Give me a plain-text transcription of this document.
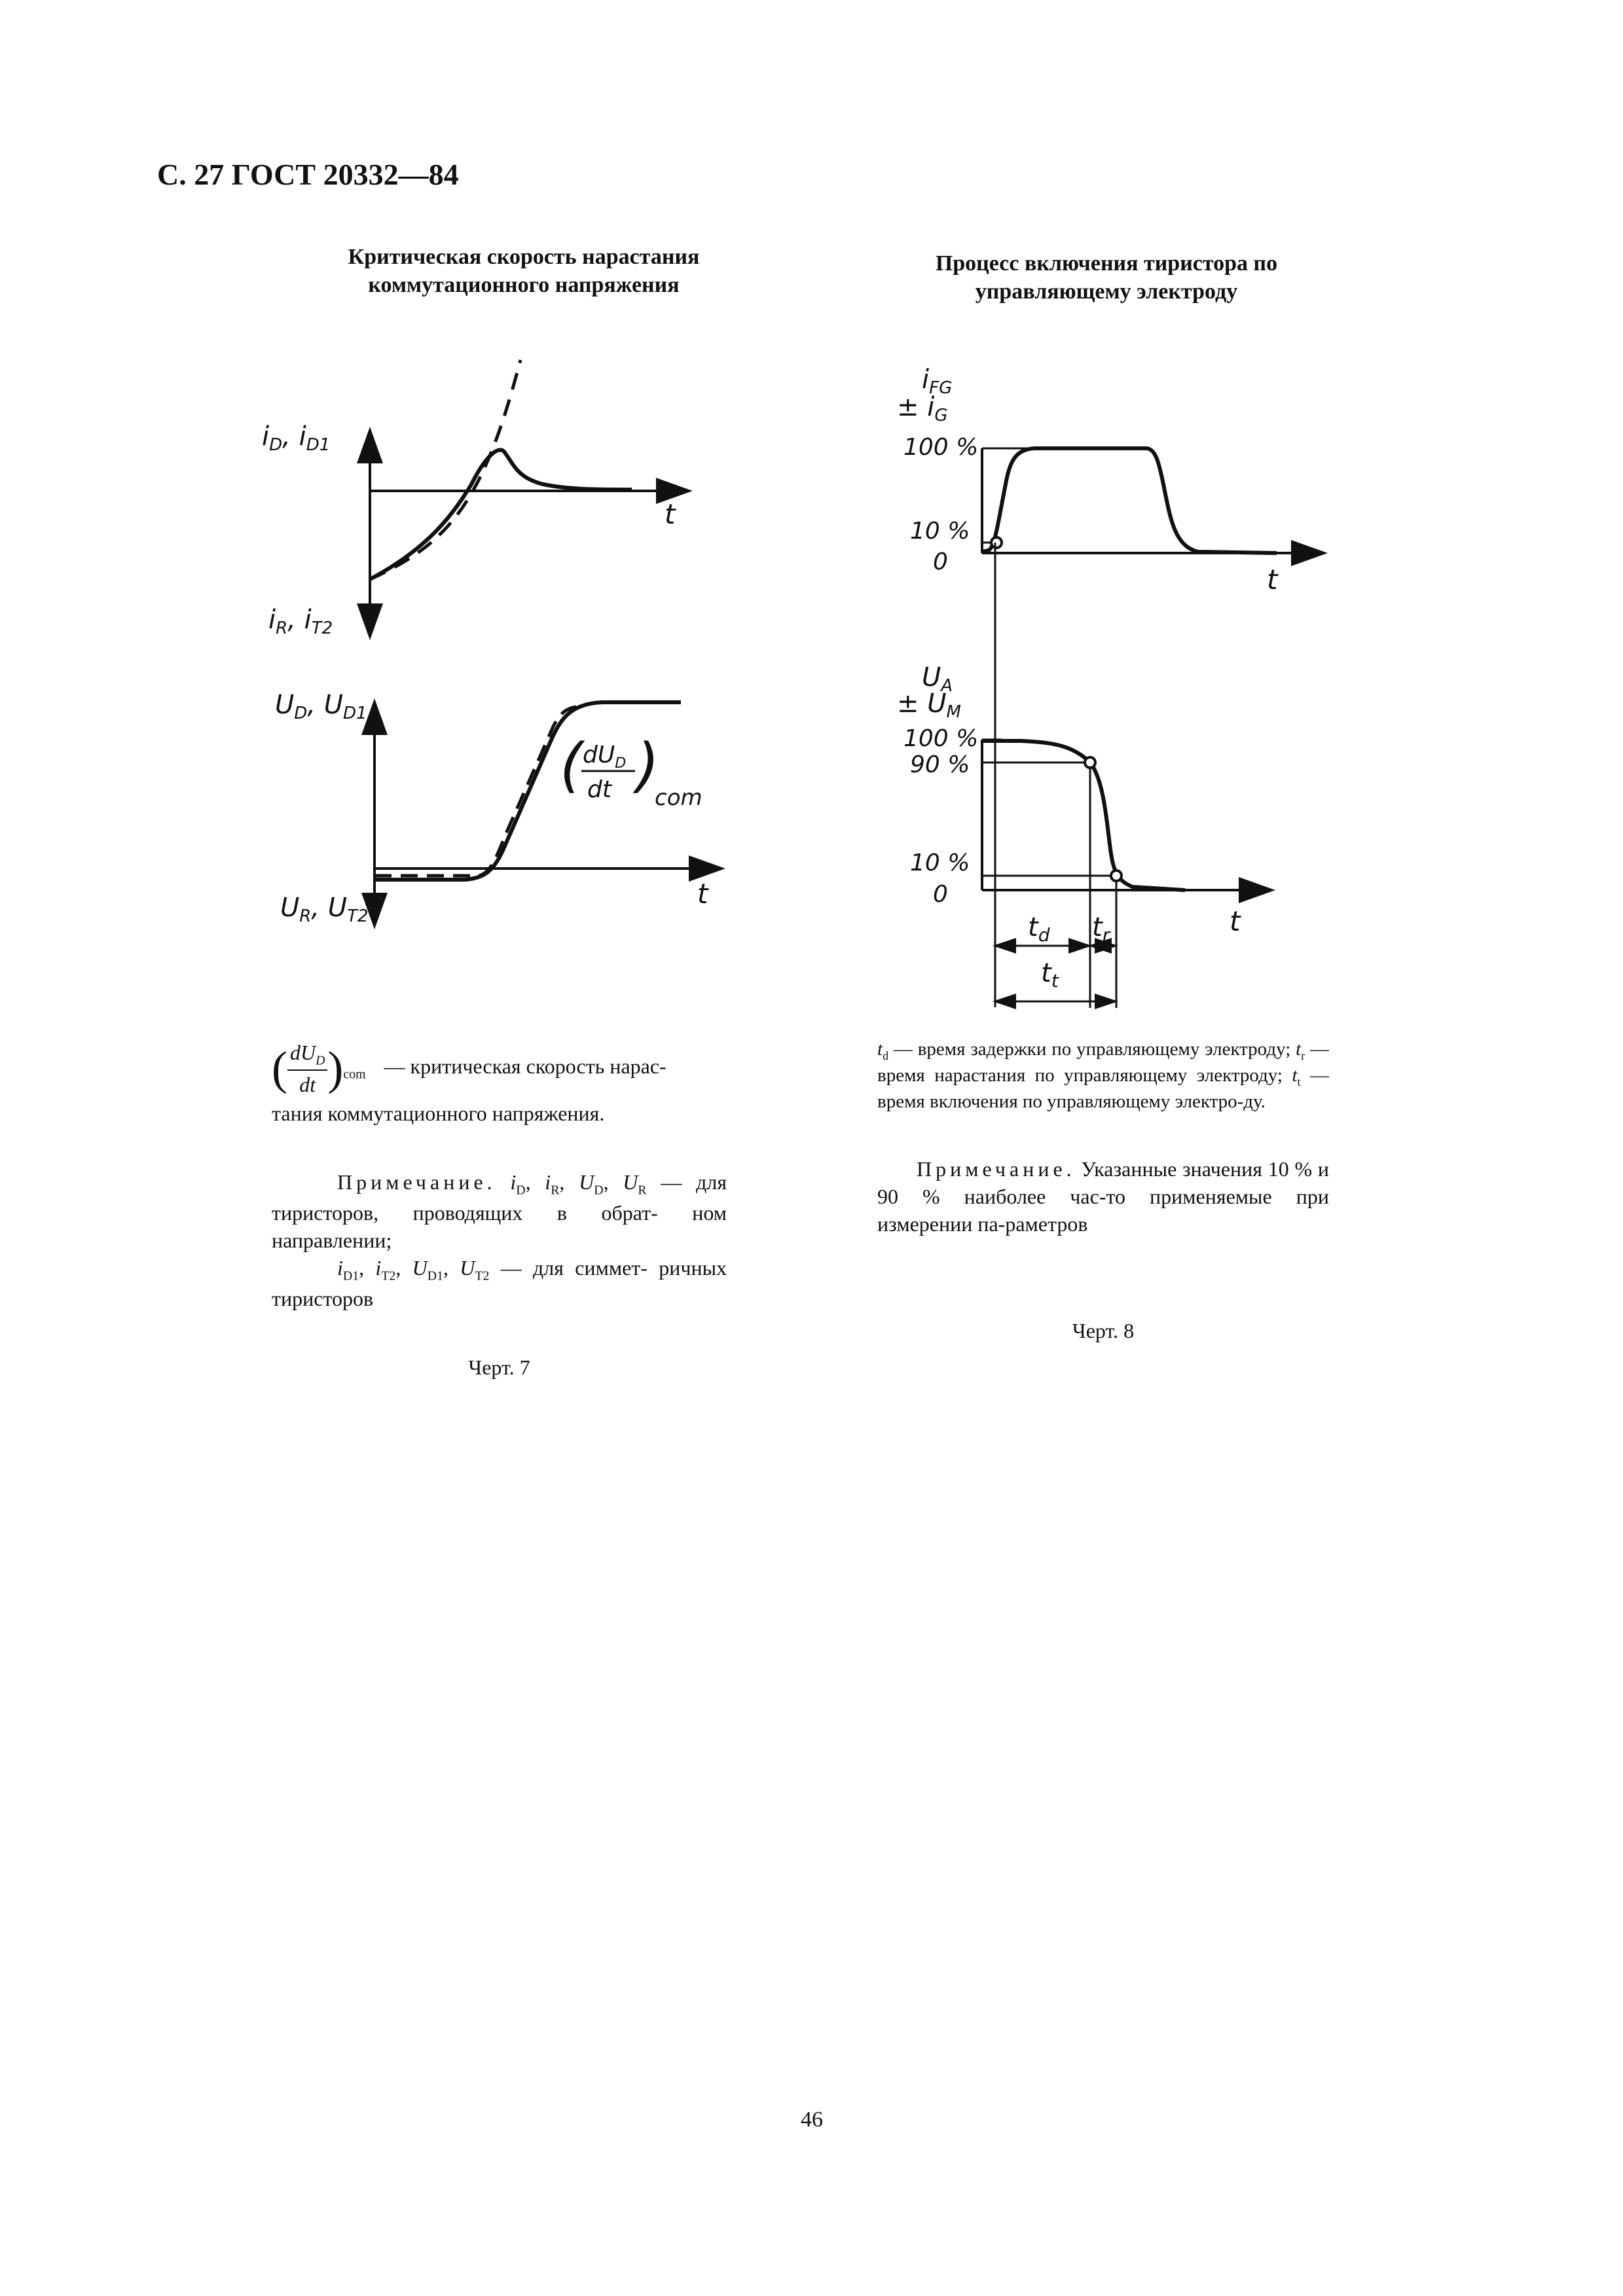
С. 27 ГОСТ 20332—84
Критическая скорость нарастания
коммутационного напряжения
Процесс включения тиристора по
управляющему электроду
$i_D$, $i_{D1}$
$i_R$, $i_{T2}$
t
$U_D$, $U_{D1}$
$U_R$, $U_{T2}$
t
( $dU_D$
dt )
com
$i_{FG}$
± $i_G$
100 %
10 %
0
t
$t_d$ $t_r$
$t_t$
$U_A$
± $U_M$
100 %
90 %
10 %
0
t
( $\frac{dU_D}{dt} )_{com}$ — критическая скорость нарас-
тания коммутационного напряжения.
Примечание. $i_D$, $i_R$, $U_D$, $U_R$ — для тиристоров, проводящих в обрат- ном направлении;
$i_{D1}$, $i_{T2}$, $U_{D1}$, $U_{T2}$ — для симмет- ричных тиристоров
Черт. 7
$t_d$ — время задержки по управляющему электроду; $t_r$ — время нарастания по управляющему электроду; $t_t$ — время включения по управляющему электро-ду.
Примечание. Указанные значения 10 % и 90 % наиболее час-то применяемые при измерении па-раметров
Черт. 8
46
